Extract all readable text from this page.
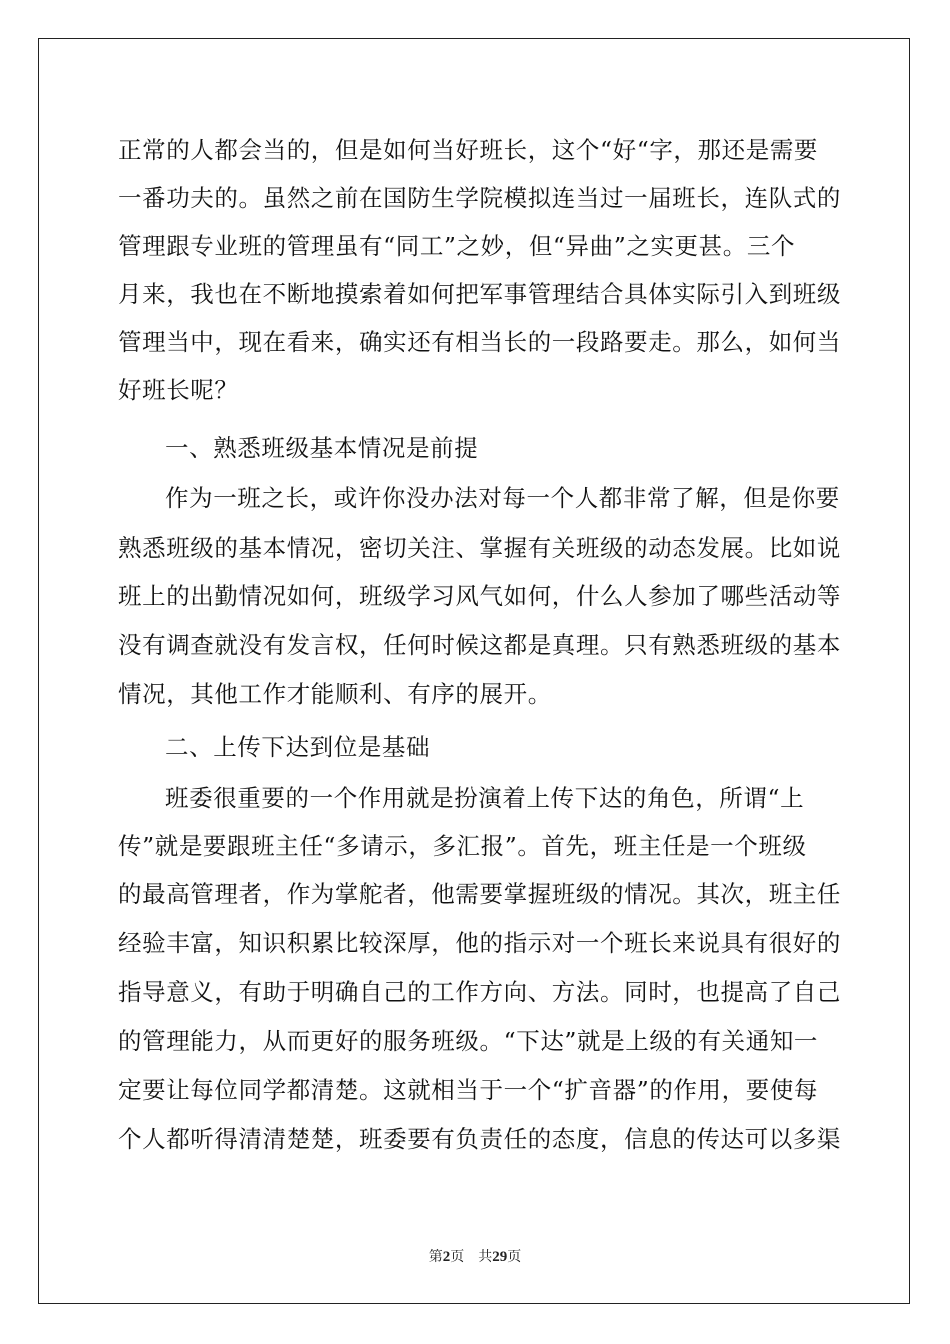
正常的人都会当的，但是如何当好班长，这个“好“字，那还是需要
一番功夫的。虽然之前在国防生学院模拟连当过一届班长，连队式的
管理跟专业班的管理虽有“同工”之妙，但“异曲”之实更甚。三个
月来，我也在不断地摸索着如何把军事管理结合具体实际引入到班级
管理当中，现在看来，确实还有相当长的一段路要走。那么，如何当
好班长呢？
一、熟悉班级基本情况是前提
作为一班之长，或许你没办法对每一个人都非常了解，但是你要
熟悉班级的基本情况，密切关注、掌握有关班级的动态发展。比如说
班上的出勤情况如何，班级学习风气如何，什么人参加了哪些活动等
没有调查就没有发言权，任何时候这都是真理。只有熟悉班级的基本
情况，其他工作才能顺利、有序的展开。
二、上传下达到位是基础
班委很重要的一个作用就是扮演着上传下达的角色，所谓“上
传”就是要跟班主任“多请示，多汇报”。首先，班主任是一个班级
的最高管理者，作为掌舵者，他需要掌握班级的情况。其次，班主任
经验丰富，知识积累比较深厚，他的指示对一个班长来说具有很好的
指导意义，有助于明确自己的工作方向、方法。同时，也提高了自己
的管理能力，从而更好的服务班级。“下达”就是上级的有关通知一
定要让每位同学都清楚。这就相当于一个“扩音器”的作用，要使每
个人都听得清清楚楚，班委要有负责任的态度，信息的传达可以多渠
第2页 共29页
